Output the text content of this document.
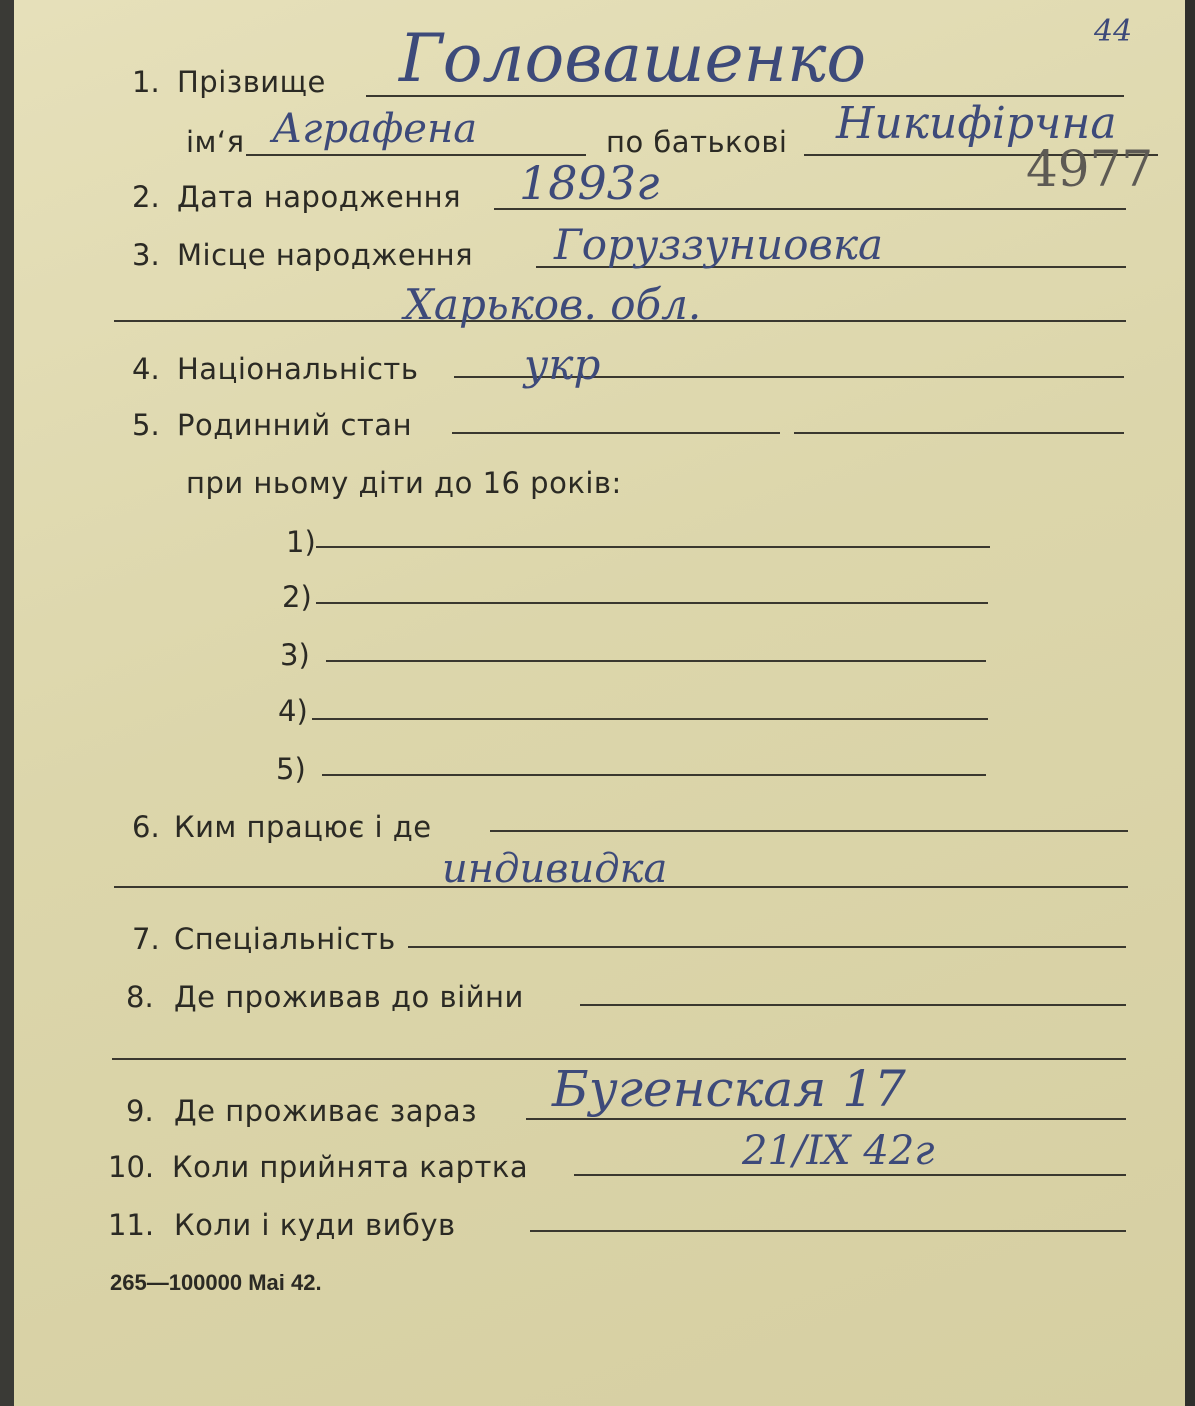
44
1. Прізвище Головашенко
ім‘я Аграфена	по батькові Никифірчна
4977
2. Дата народження 1893г
3. Місце народження Горуззуниовка
Харьков. обл.
4. Національність	укр
5. Родинний стан
при ньому діти до 16 років:
1)
2)
3)
4)
5)
6. Ким працює і де
индивидка
7. Спеціальність
8. Де проживав до війни
9. Де проживає зараз Бугенская 17
10. Коли прийнята картка	21/IX 42г
11. Коли і куди вибув
265—100000 Mai 42.
